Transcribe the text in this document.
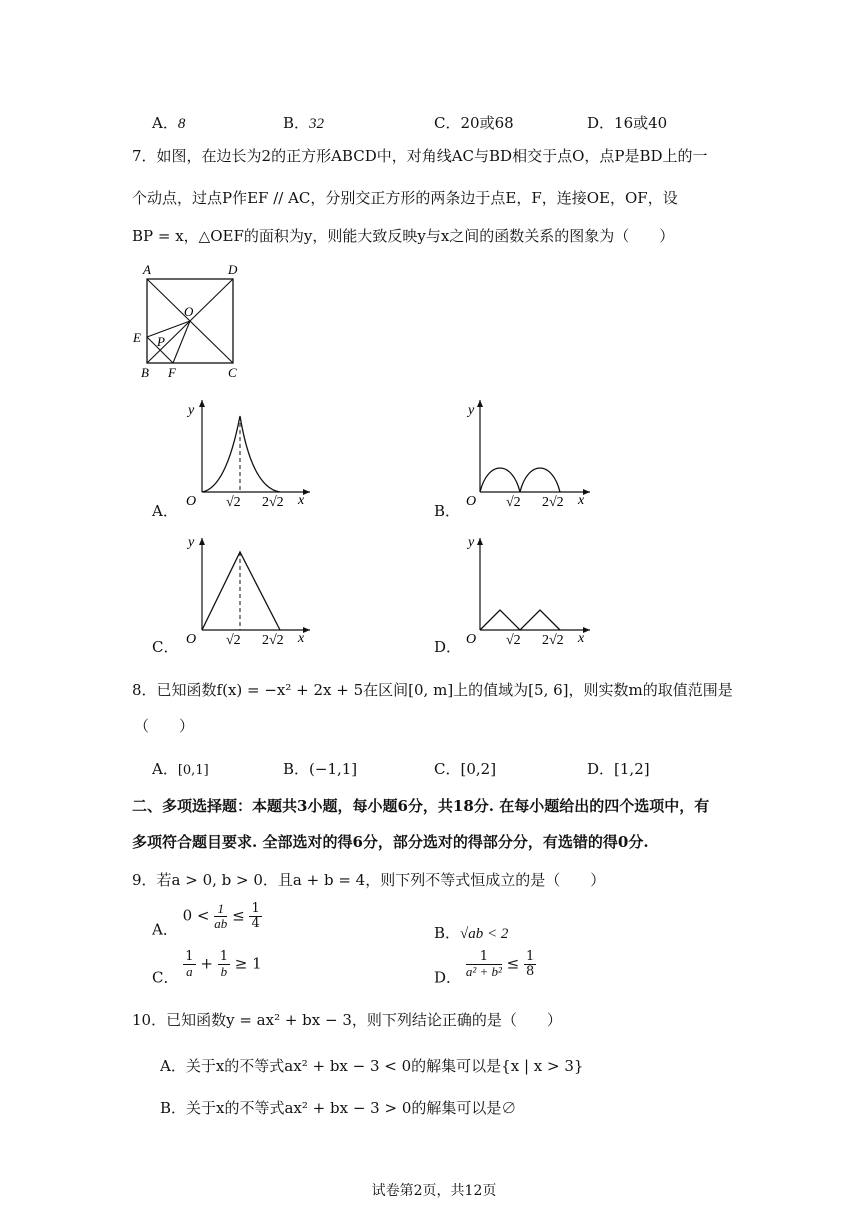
A．8	B．32	C．20或68	D．16或40
7．如图，在边长为2的正方形ABCD中，对角线AC与BD相交于点O，点P是BD上的一
个动点，过点P作EF // AC，分别交正方形的两条边于点E，F，连接OE，OF，设
BP = x，△OEF的面积为y，则能大致反映y与x之间的函数关系的图象为（　　）
A	D
O
E P
B F	C
A．
y
x
O √2 2√2	B．
y
x
O √2 2√2
C．
y
x
O √2 2√2	D．
y
x
O √2 2√2
8．已知函数f(x) = −x² + 2x + 5在区间[0, m]上的值域为[5, 6]，则实数m的取值范围是
（　　）
A．[0,1]	B．(−1,1]	C．[0,2]	D．[1,2]
二、多项选择题：本题共3小题，每小题6分，共18分. 在每小题给出的四个选项中，有
多项符合题目要求. 全部选对的得6分，部分选对的得部分分，有选错的得0分.
9．若a > 0, b > 0．且a + b = 4，则下列不等式恒成立的是（　　）
A． $0 < \frac{1}{ab} \le \frac{1}{4}$
B．√ab < 2
C． $\frac{1}{a} + \frac{1}{b} \ge 1$
D． $\frac{1}{\text{a² + b²}} \le \frac{1}{8}$
10．已知函数y = ax² + bx − 3，则下列结论正确的是（　　）
A．关于x的不等式ax² + bx − 3 < 0的解集可以是{x | x > 3}
B．关于x的不等式ax² + bx − 3 > 0的解集可以是∅
试卷第2页，共12页
